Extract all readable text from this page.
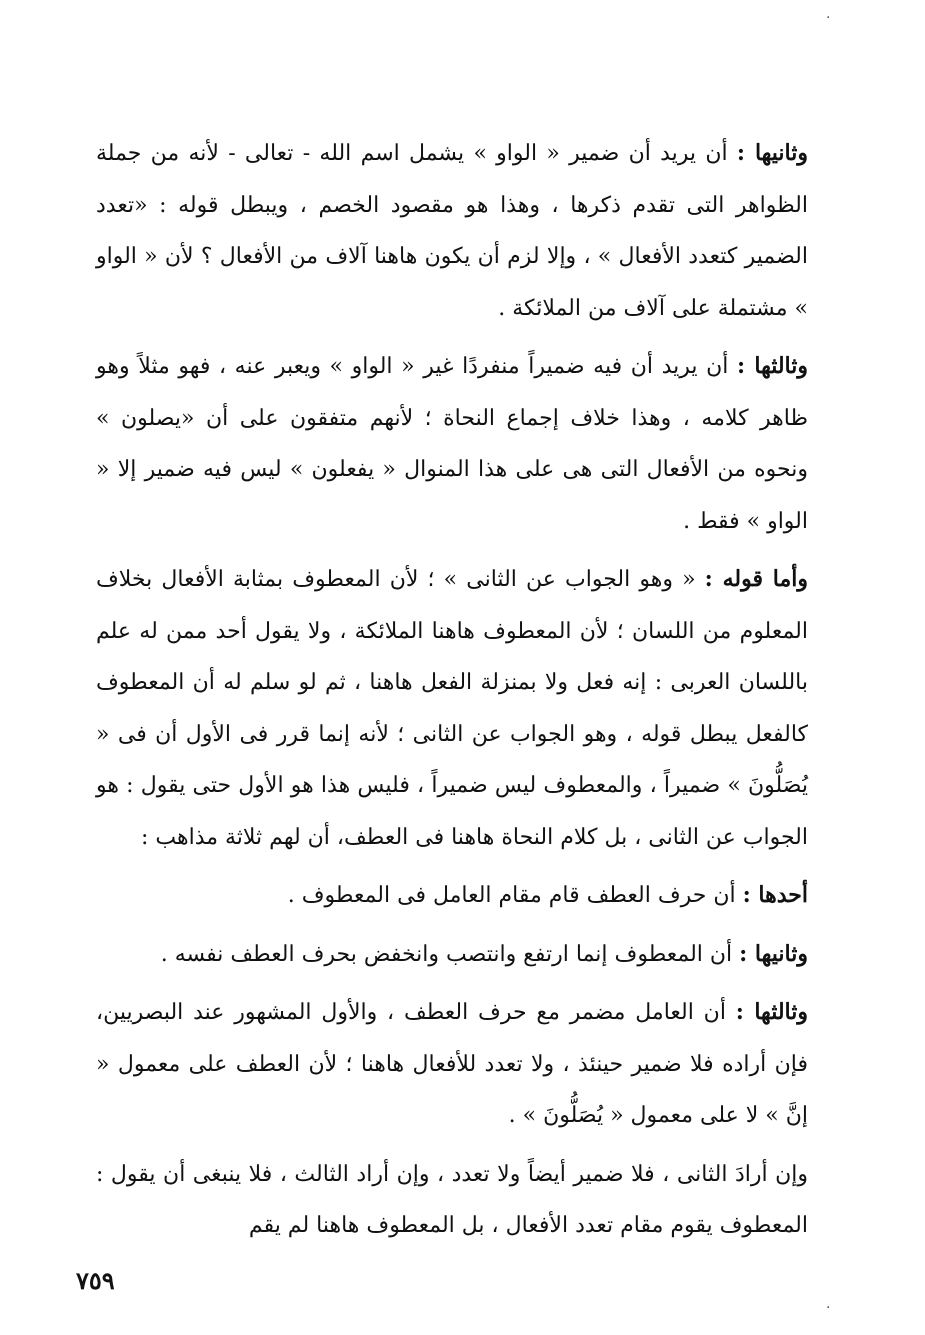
·
·

وثانيها : أن يريد أن ضمير « الواو » يشمل اسم الله - تعالى - لأنه من جملة الظواهر التى تقدم ذكرها ، وهذا هو مقصود الخصم ، ويبطل قوله : «تعدد الضمير كتعدد الأفعال » ، وإلا لزم أن يكون هاهنا آلاف من الأفعال ؟ لأن « الواو » مشتملة على آلاف من الملائكة .

وثالثها : أن يريد أن فيه ضميراً منفردًا غير « الواو » ويعبر عنه ، فهو مثلاً وهو ظاهر كلامه ، وهذا خلاف إجماع النحاة ؛ لأنهم متفقون على أن «يصلون » ونحوه من الأفعال التى هى على هذا المنوال « يفعلون » ليس فيه ضمير إلا « الواو » فقط .

وأما قوله : « وهو الجواب عن الثانى » ؛ لأن المعطوف بمثابة الأفعال بخلاف المعلوم من اللسان ؛ لأن المعطوف هاهنا الملائكة ، ولا يقول أحد ممن له علم باللسان العربى : إنه فعل ولا بمنزلة الفعل هاهنا ، ثم لو سلم له أن المعطوف كالفعل يبطل قوله ، وهو الجواب عن الثانى ؛ لأنه إنما قرر فى الأول أن فى « يُصَلُّونَ » ضميراً ، والمعطوف ليس ضميراً ، فليس هذا هو الأول حتى يقول : هو الجواب عن الثانى ، بل كلام النحاة هاهنا فى العطف، أن لهم ثلاثة مذاهب :

أحدها : أن حرف العطف قام مقام العامل فى المعطوف .

وثانيها : أن المعطوف إنما ارتفع وانتصب وانخفض بحرف العطف نفسه .

وثالثها : أن العامل مضمر مع حرف العطف ، والأول المشهور عند البصريين، فإن أراده فلا ضمير حينئذ ، ولا تعدد للأفعال هاهنا ؛ لأن العطف على معمول « إنَّ » لا على معمول « يُصَلُّونَ » .

وإن أرادَ الثانى ، فلا ضمير أيضاً ولا تعدد ، وإن أراد الثالث ، فلا ينبغى أن يقول : المعطوف يقوم مقام تعدد الأفعال ، بل المعطوف هاهنا لم يقم

٧٥٩
